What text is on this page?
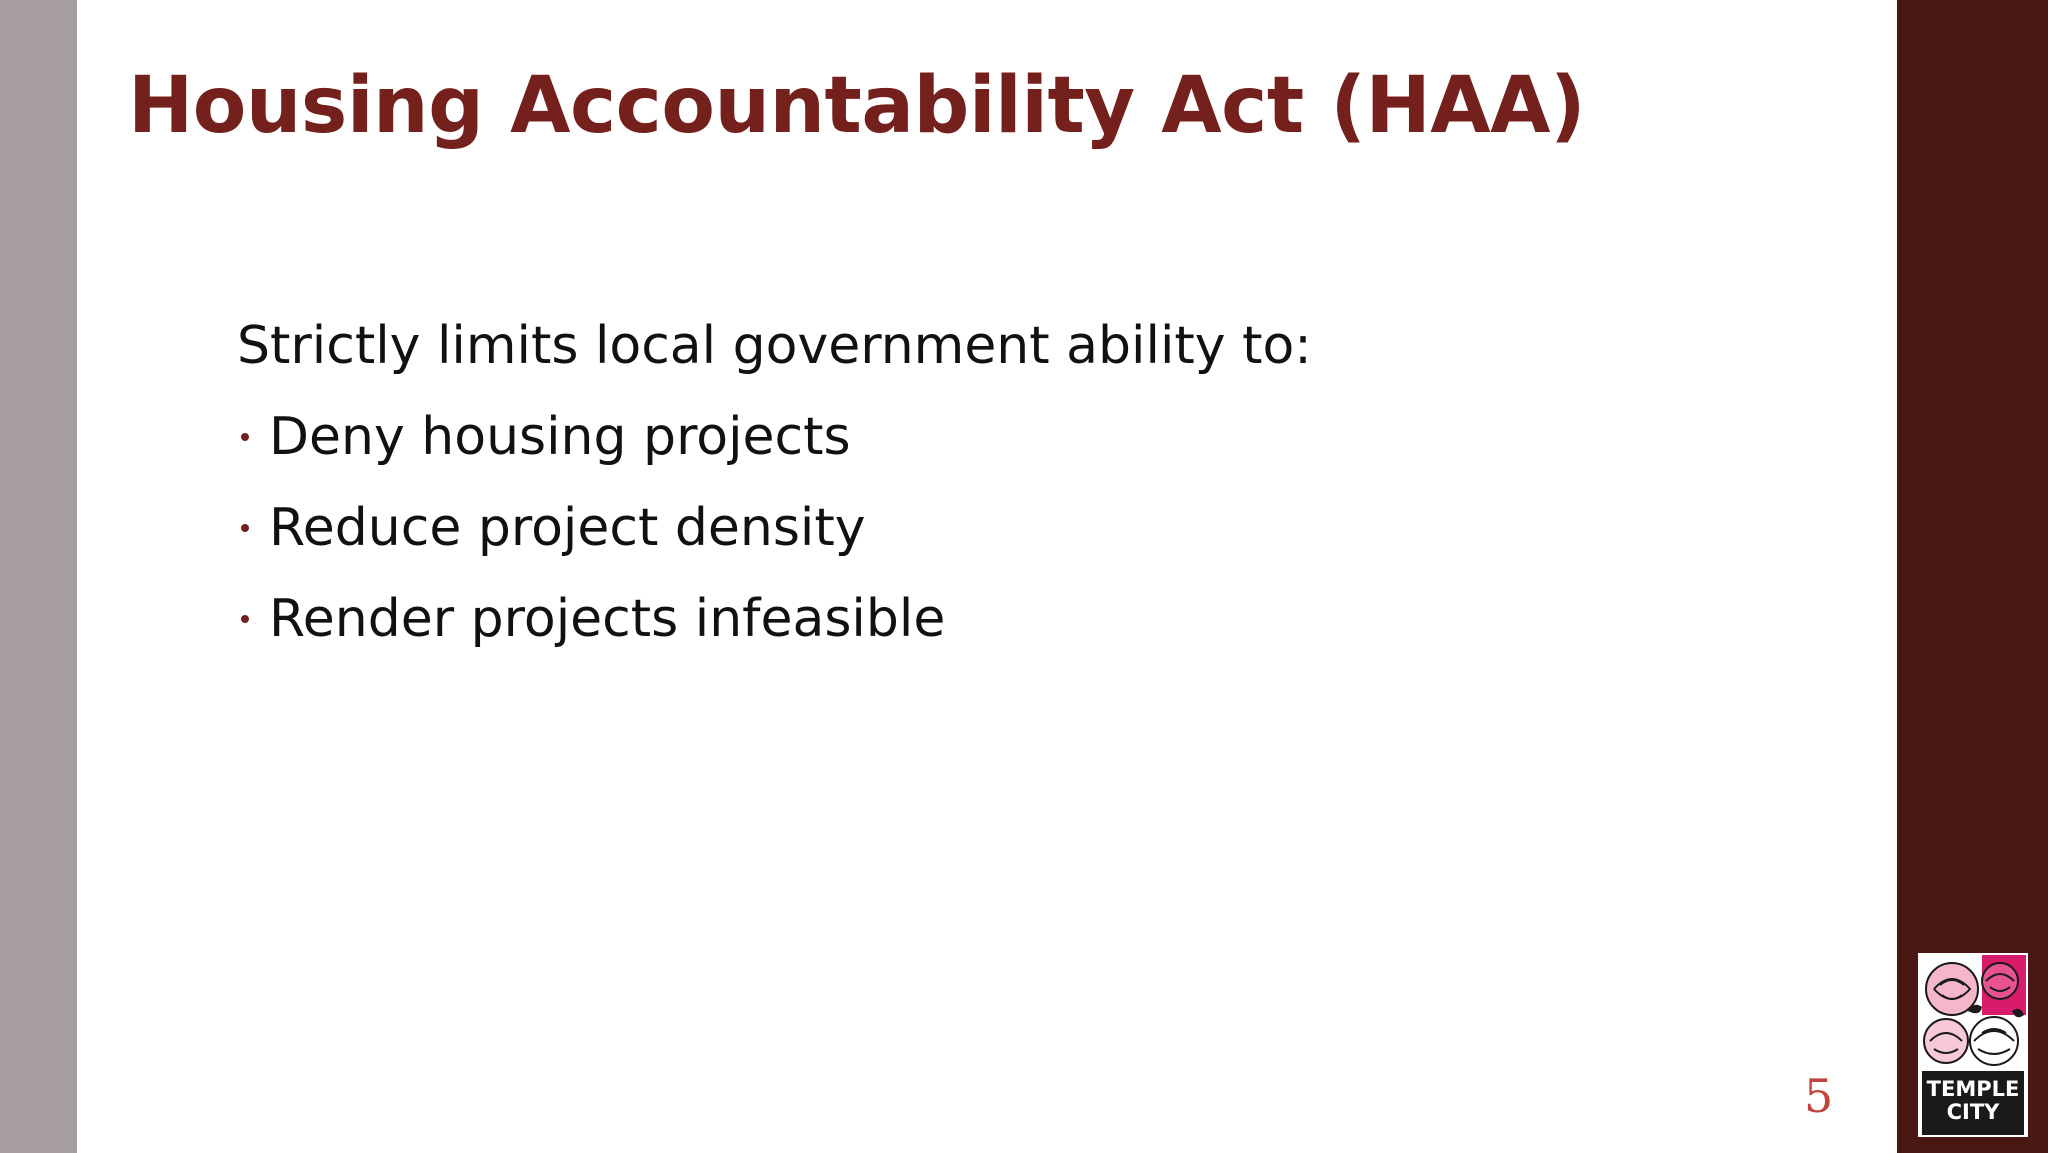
Housing Accountability Act (HAA)

Strictly limits local government ability to:

Deny housing projects
Reduce project density
Render projects infeasible
5	TEMPLE
CITY
